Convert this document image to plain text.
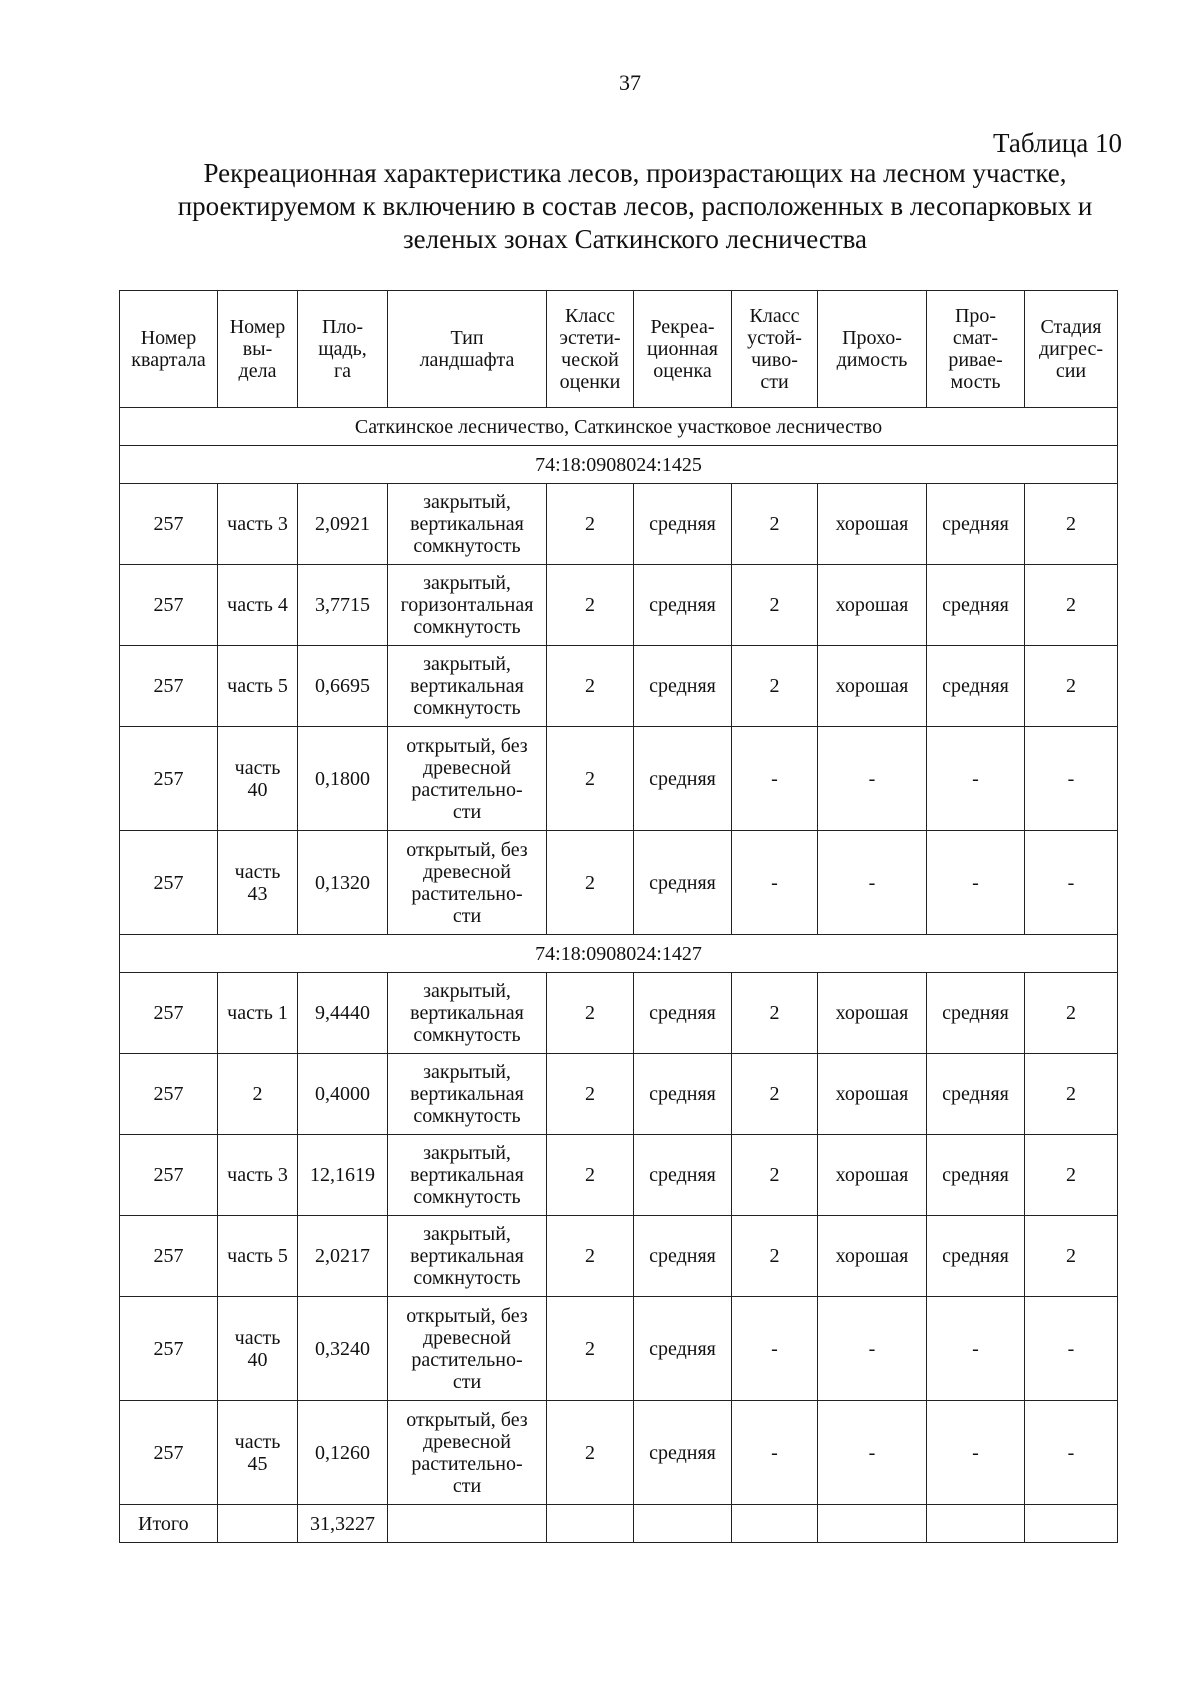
37
Таблица 10
Рекреационная характеристика лесов, произрастающих на лесном участке, проектируемом к включению в состав лесов, расположенных в лесопарковых и зеленых зонах Саткинского лесничества
Номер
квартала	Номер
вы-
дела	Пло-
щадь,
га	Тип
ландшафта	Класс
эстети-
ческой
оценки	Рекреа-
ционная
оценка	Класс
устой-
чиво-
сти	Прохо-
димость	Про-
смат-
ривае-
мость	Стадия
дигрес-
сии
Саткинское лесничество, Саткинское участковое лесничество									
74:18:0908024:1425									
257	часть 3	2,0921	закрытый,
вертикальная
сомкнутость	2	средняя	2	хорошая	средняя	2
257	часть 4	3,7715	закрытый,
горизонтальная
сомкнутость	2	средняя	2	хорошая	средняя	2
257	часть 5	0,6695	закрытый,
вертикальная
сомкнутость	2	средняя	2	хорошая	средняя	2
257	часть
40	0,1800	открытый, без
древесной
растительно-
сти	2	средняя	-	-	-	-
257	часть
43	0,1320	открытый, без
древесной
растительно-
сти	2	средняя	-	-	-	-
74:18:0908024:1427									
257	часть 1	9,4440	закрытый,
вертикальная
сомкнутость	2	средняя	2	хорошая	средняя	2
257	2	0,4000	закрытый,
вертикальная
сомкнутость	2	средняя	2	хорошая	средняя	2
257	часть 3	12,1619	закрытый,
вертикальная
сомкнутость	2	средняя	2	хорошая	средняя	2
257	часть 5	2,0217	закрытый,
вертикальная
сомкнутость	2	средняя	2	хорошая	средняя	2
257	часть
40	0,3240	открытый, без
древесной
растительно-
сти	2	средняя	-	-	-	-
257	часть
45	0,1260	открытый, без
древесной
растительно-
сти	2	средняя	-	-	-	-
Итого		31,3227							
